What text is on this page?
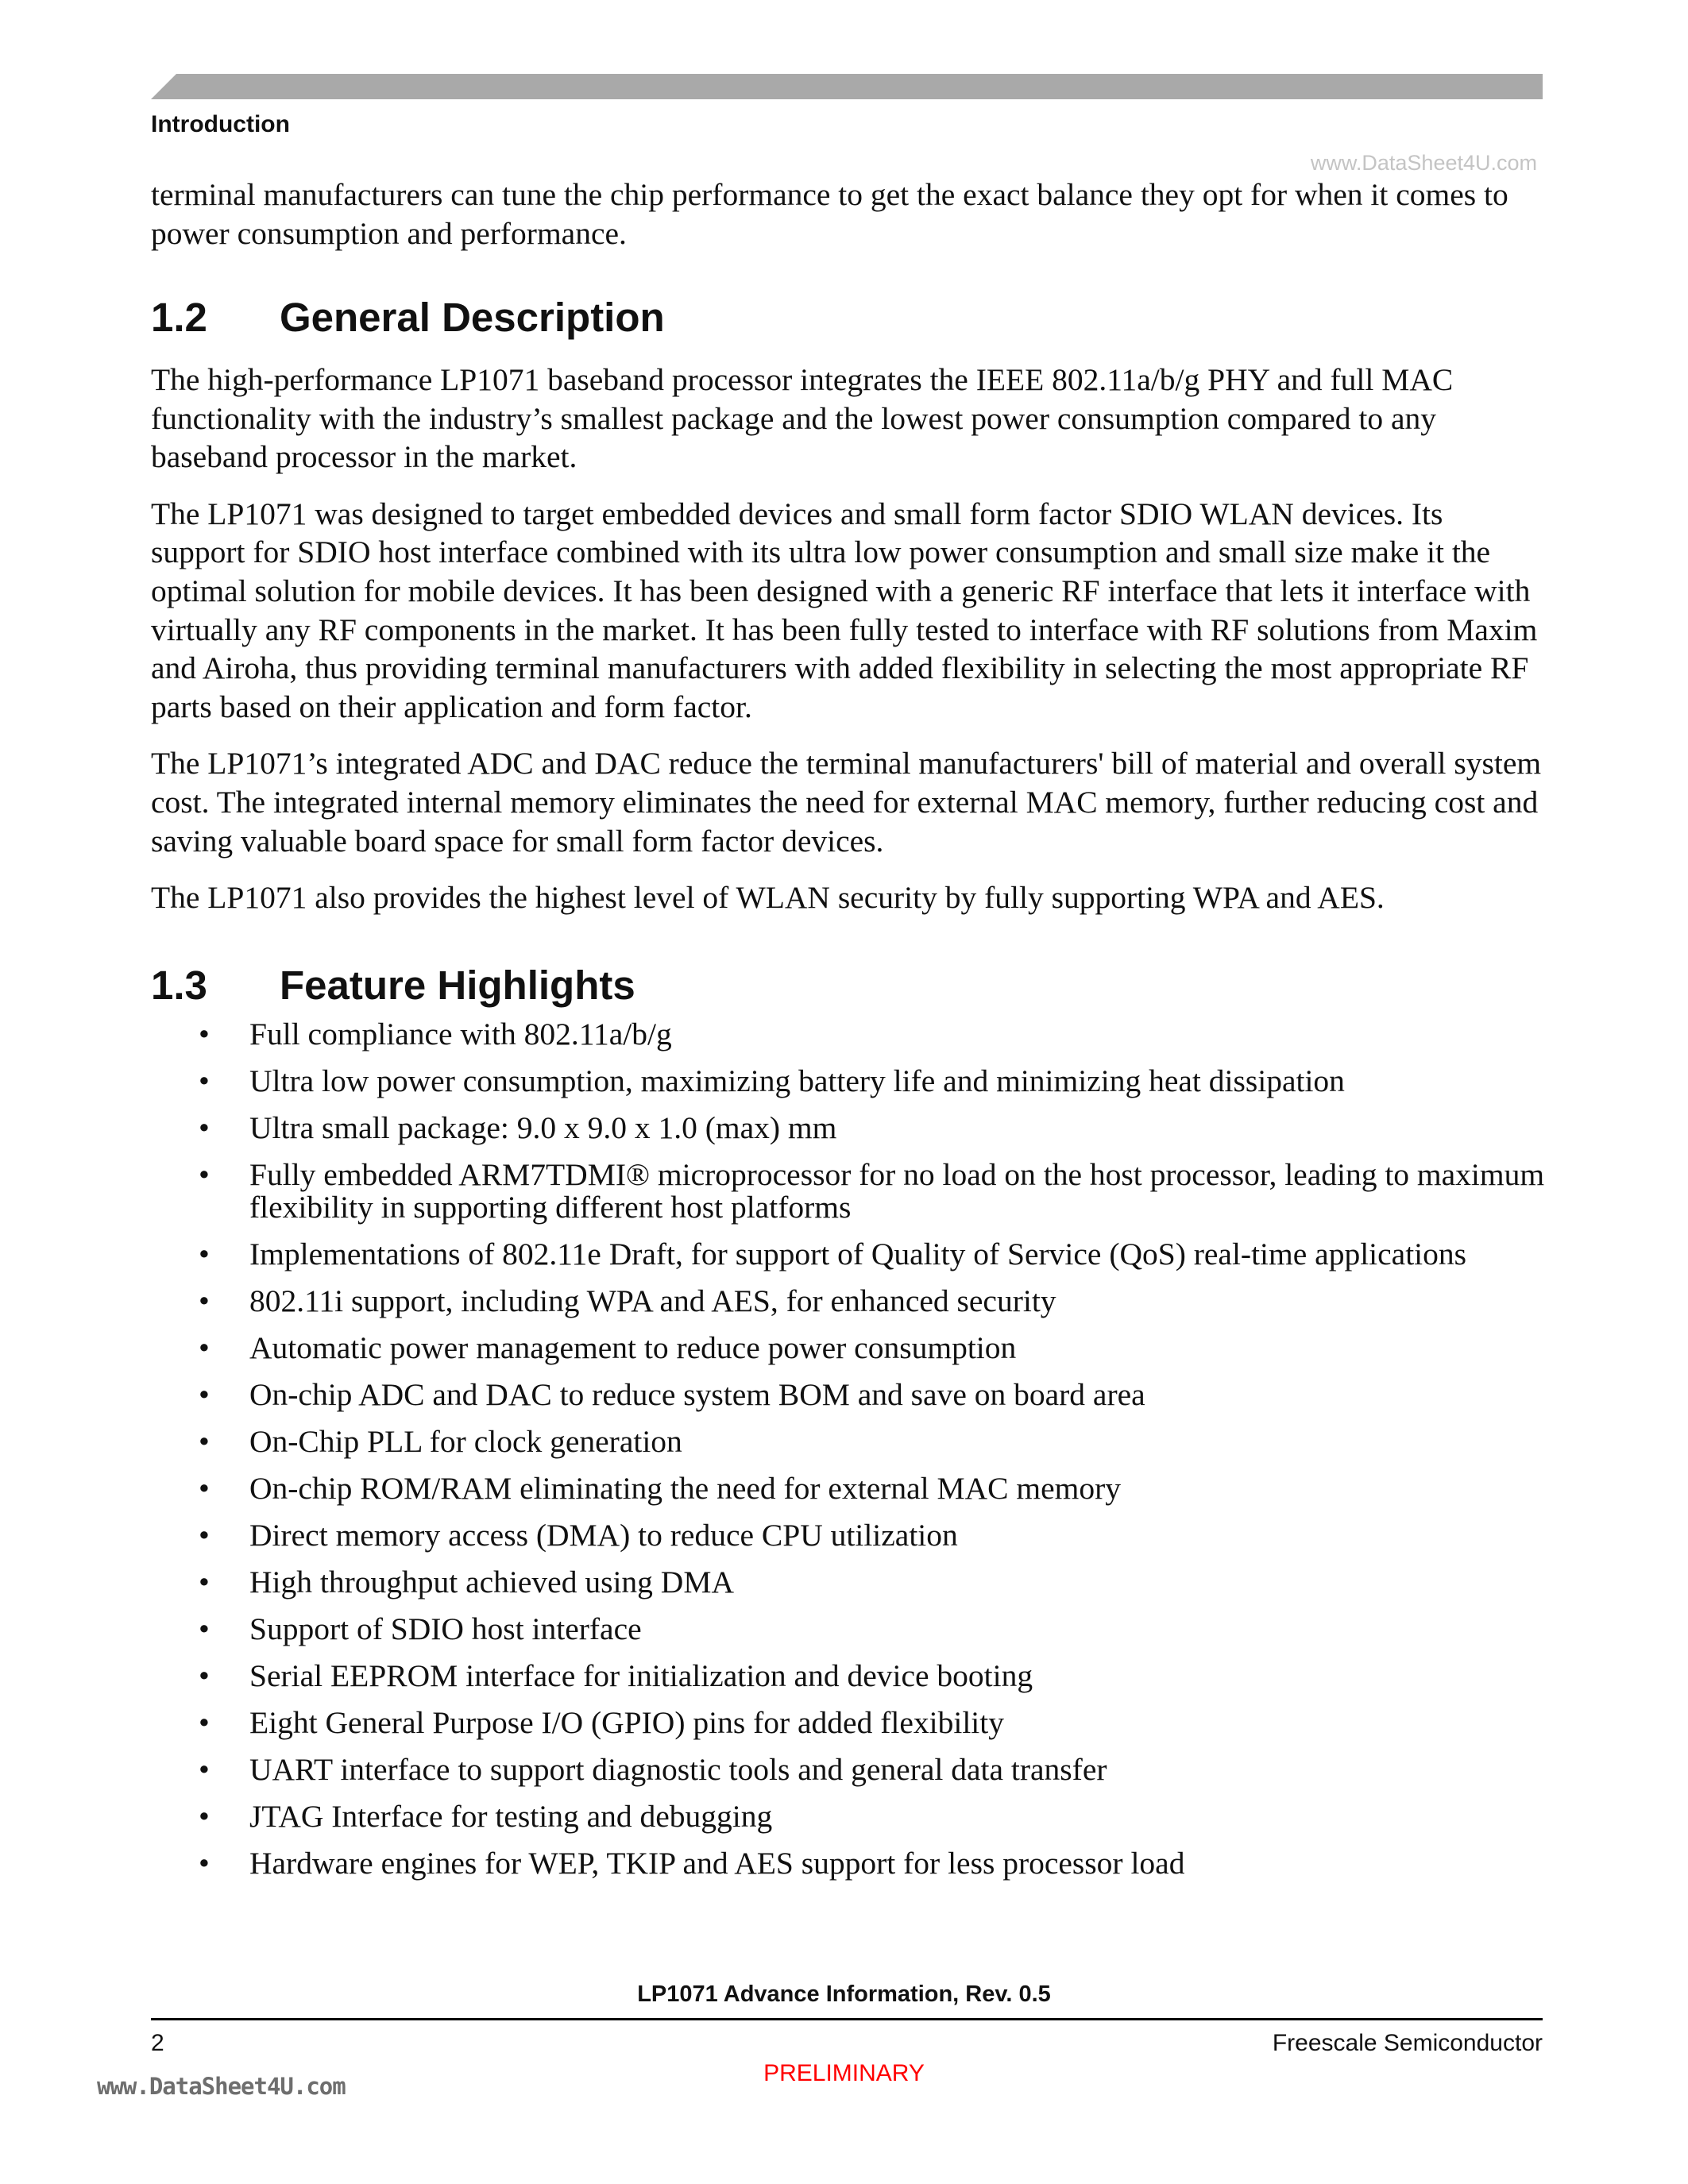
Introduction
www.DataSheet4U.com

terminal manufacturers can tune the chip performance to get the exact balance they opt for when it comes to power consumption and performance.

1.2 General Description

The high-performance LP1071 baseband processor integrates the IEEE 802.11a/b/g PHY and full MAC functionality with the industry’s smallest package and the lowest power consumption compared to any baseband processor in the market.

The LP1071 was designed to target embedded devices and small form factor SDIO WLAN devices. Its support for SDIO host interface combined with its ultra low power consumption and small size make it the optimal solution for mobile devices. It has been designed with a generic RF interface that lets it interface with virtually any RF components in the market. It has been fully tested to interface with RF solutions from Maxim and Airoha, thus providing terminal manufacturers with added flexibility in selecting the most appropriate RF parts based on their application and form factor.

The LP1071’s integrated ADC and DAC reduce the terminal manufacturers' bill of material and overall system cost. The integrated internal memory eliminates the need for external MAC memory, further reducing cost and saving valuable board space for small form factor devices.

The LP1071 also provides the highest level of WLAN security by fully supporting WPA and AES.

1.3 Feature Highlights
• Full compliance with 802.11a/b/g
• Ultra low power consumption, maximizing battery life and minimizing heat dissipation
• Ultra small package: 9.0 x 9.0 x 1.0 (max) mm
• Fully embedded ARM7TDMI® microprocessor for no load on the host processor, leading to maximum flexibility in supporting different host platforms
• Implementations of 802.11e Draft, for support of Quality of Service (QoS) real-time applications
• 802.11i support, including WPA and AES, for enhanced security
• Automatic power management to reduce power consumption
• On-chip ADC and DAC to reduce system BOM and save on board area
• On-Chip PLL for clock generation
• On-chip ROM/RAM eliminating the need for external MAC memory
• Direct memory access (DMA) to reduce CPU utilization
• High throughput achieved using DMA
• Support of SDIO host interface
• Serial EEPROM interface for initialization and device booting
• Eight General Purpose I/O (GPIO) pins for added flexibility
• UART interface to support diagnostic tools and general data transfer
• JTAG Interface for testing and debugging
• Hardware engines for WEP, TKIP and AES support for less processor load
LP1071 Advance Information, Rev. 0.5
2	Freescale Semiconductor
PRELIMINARY
www.DataSheet4U.com
